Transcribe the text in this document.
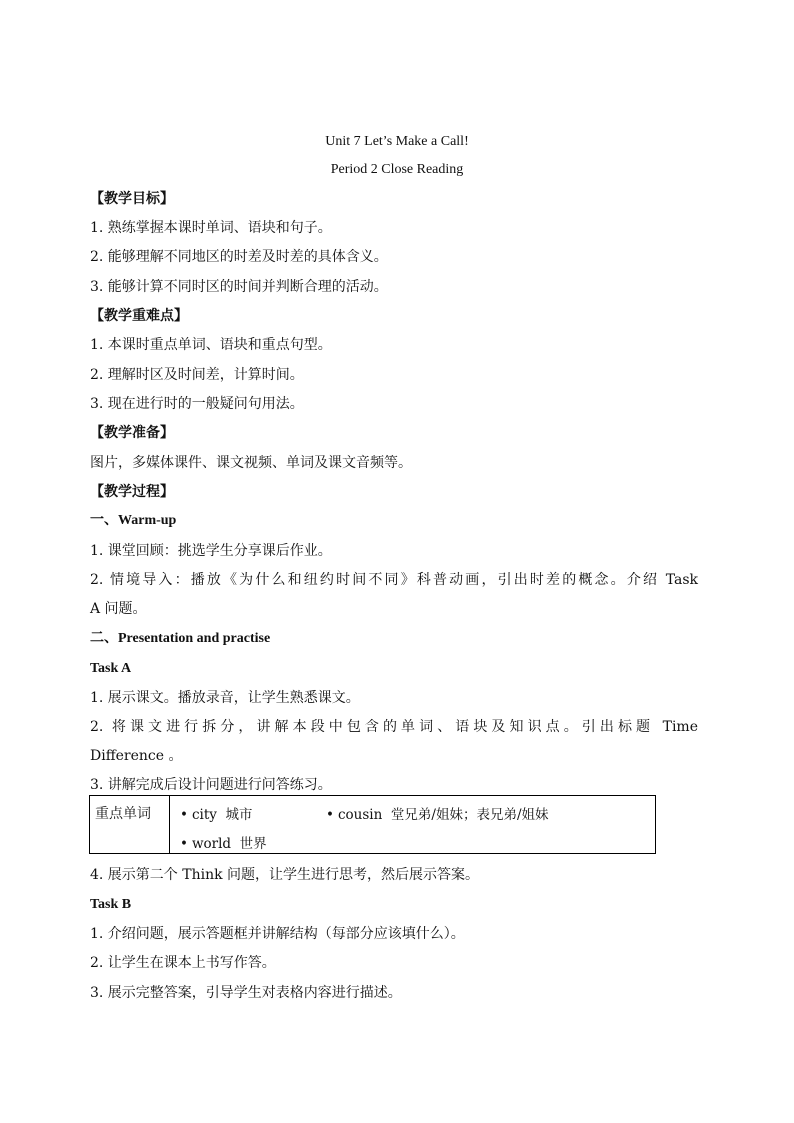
Unit 7 Let’s Make a Call!
Period 2 Close Reading
【教学目标】
1. 熟练掌握本课时单词、语块和句子。
2. 能够理解不同地区的时差及时差的具体含义。
3. 能够计算不同时区的时间并判断合理的活动。
【教学重难点】
1. 本课时重点单词、语块和重点句型。
2. 理解时区及时间差，计算时间。
3. 现在进行时的一般疑问句用法。
【教学准备】
图片，多媒体课件、课文视频、单词及课文音频等。
【教学过程】
一、Warm-up
1. 课堂回顾：挑选学生分享课后作业。
2. 情境导入：播放《为什么和纽约时间不同》科普动画，引出时差的概念。介绍 Task
A 问题。
二、Presentation and practise
Task A
1. 展示课文。播放录音，让学生熟悉课文。
2. 将课文进行拆分，讲解本段中包含的单词、语块及知识点。引出标题 Time
Difference 。
3. 讲解完成后设计问题进行问答练习。
重点单词	• city 城市	• cousin 堂兄弟/姐妹；表兄弟/姐妹
• world 世界
4. 展示第二个 Think 问题，让学生进行思考，然后展示答案。
Task B
1. 介绍问题，展示答题框并讲解结构（每部分应该填什么）。
2. 让学生在课本上书写作答。
3. 展示完整答案，引导学生对表格内容进行描述。
